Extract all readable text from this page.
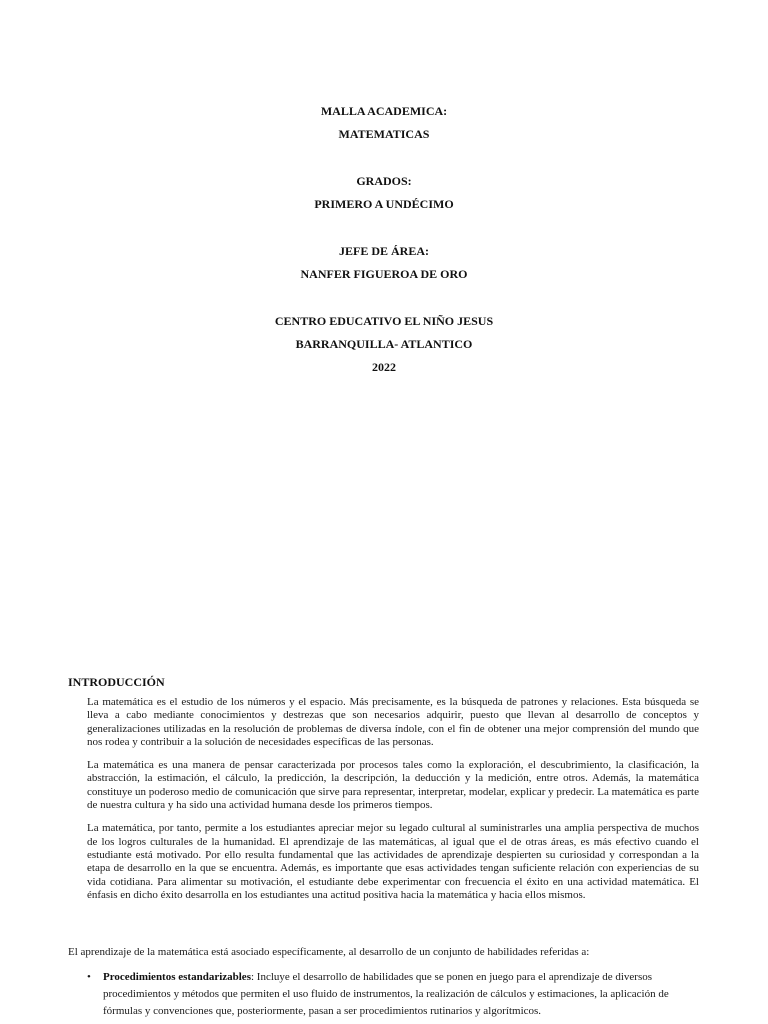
MALLA ACADEMICA:

MATEMATICAS

GRADOS:

PRIMERO A UNDÉCIMO

JEFE DE ÁREA:

NANFER FIGUEROA DE ORO

CENTRO EDUCATIVO EL NIÑO JESUS

BARRANQUILLA- ATLANTICO

2022

INTRODUCCIÓN

La matemática es el estudio de los números y el espacio. Más precisamente, es la búsqueda de patrones y relaciones. Esta búsqueda se lleva a cabo mediante conocimientos y destrezas que son necesarios adquirir, puesto que llevan al desarrollo de conceptos y generalizaciones utilizadas en la resolución de problemas de diversa índole, con el fin de obtener una mejor comprensión del mundo que nos rodea y contribuir a la solución de necesidades específicas de las personas.

La matemática es una manera de pensar caracterizada por procesos tales como la exploración, el descubrimiento, la clasificación, la abstracción, la estimación, el cálculo, la predicción, la descripción, la deducción y la medición, entre otros. Además, la matemática constituye un poderoso medio de comunicación que sirve para representar, interpretar, modelar, explicar y predecir. La matemática es parte de nuestra cultura y ha sido una actividad humana desde los primeros tiempos.

La matemática, por tanto, permite a los estudiantes apreciar mejor su legado cultural al suministrarles una amplia perspectiva de muchos de los logros culturales de la humanidad. El aprendizaje de las matemáticas, al igual que el de otras áreas, es más efectivo cuando el estudiante está motivado. Por ello resulta fundamental que las actividades de aprendizaje despierten su curiosidad y correspondan a la etapa de desarrollo en la que se encuentra. Además, es importante que esas actividades tengan suficiente relación con experiencias de su vida cotidiana. Para alimentar su motivación, el estudiante debe experimentar con frecuencia el éxito en una actividad matemática. El énfasis en dicho éxito desarrolla en los estudiantes una actitud positiva hacia la matemática y hacia ellos mismos.

El aprendizaje de la matemática está asociado específicamente, al desarrollo de un conjunto de habilidades referidas a:

• Procedimientos estandarizables: Incluye el desarrollo de habilidades que se ponen en juego para el aprendizaje de diversos procedimientos y métodos que permiten el uso fluido de instrumentos, la realización de cálculos y estimaciones, la aplicación de fórmulas y convenciones que, posteriormente, pasan a ser procedimientos rutinarios y algorítmicos.
